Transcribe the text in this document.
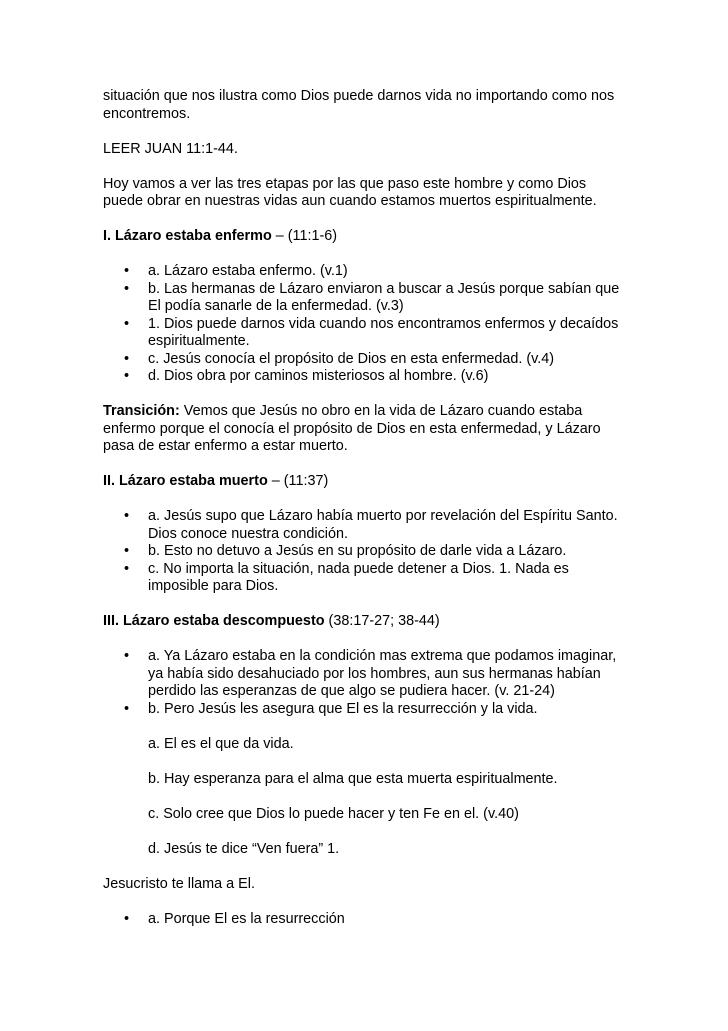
situación que nos ilustra como Dios puede darnos vida no importando como nos encontremos.

LEER JUAN 11:1-44.

Hoy vamos a ver las tres etapas por las que paso este hombre y como Dios puede obrar en nuestras vidas aun cuando estamos muertos espiritualmente.

I. Lázaro estaba enfermo – (11:1-6)

• a. Lázaro estaba enfermo. (v.1)
• b. Las hermanas de Lázaro enviaron a buscar a Jesús porque sabían que El podía sanarle de la enfermedad. (v.3)
• 1. Dios puede darnos vida cuando nos encontramos enfermos y decaídos espiritualmente.
• c. Jesús conocía el propósito de Dios en esta enfermedad. (v.4)
• d. Dios obra por caminos misteriosos al hombre. (v.6)

Transición: Vemos que Jesús no obro en la vida de Lázaro cuando estaba enfermo porque el conocía el propósito de Dios en esta enfermedad, y Lázaro pasa de estar enfermo a estar muerto.

II. Lázaro estaba muerto – (11:37)

• a. Jesús supo que Lázaro había muerto por revelación del Espíritu Santo. Dios conoce nuestra condición.
• b. Esto no detuvo a Jesús en su propósito de darle vida a Lázaro.
• c. No importa la situación, nada puede detener a Dios. 1. Nada es imposible para Dios.

III. Lázaro estaba descompuesto (38:17-27; 38-44)

• a. Ya Lázaro estaba en la condición mas extrema que podamos imaginar, ya había sido desahuciado por los hombres, aun sus hermanas habían perdido las esperanzas de que algo se pudiera hacer. (v. 21-24)
• b. Pero Jesús les asegura que El es la resurrección y la vida.

a. El es el que da vida.

b. Hay esperanza para el alma que esta muerta espiritualmente.

c. Solo cree que Dios lo puede hacer y ten Fe en el. (v.40)

d. Jesús te dice “Ven fuera” 1.

Jesucristo te llama a El.

• a. Porque El es la resurrección
